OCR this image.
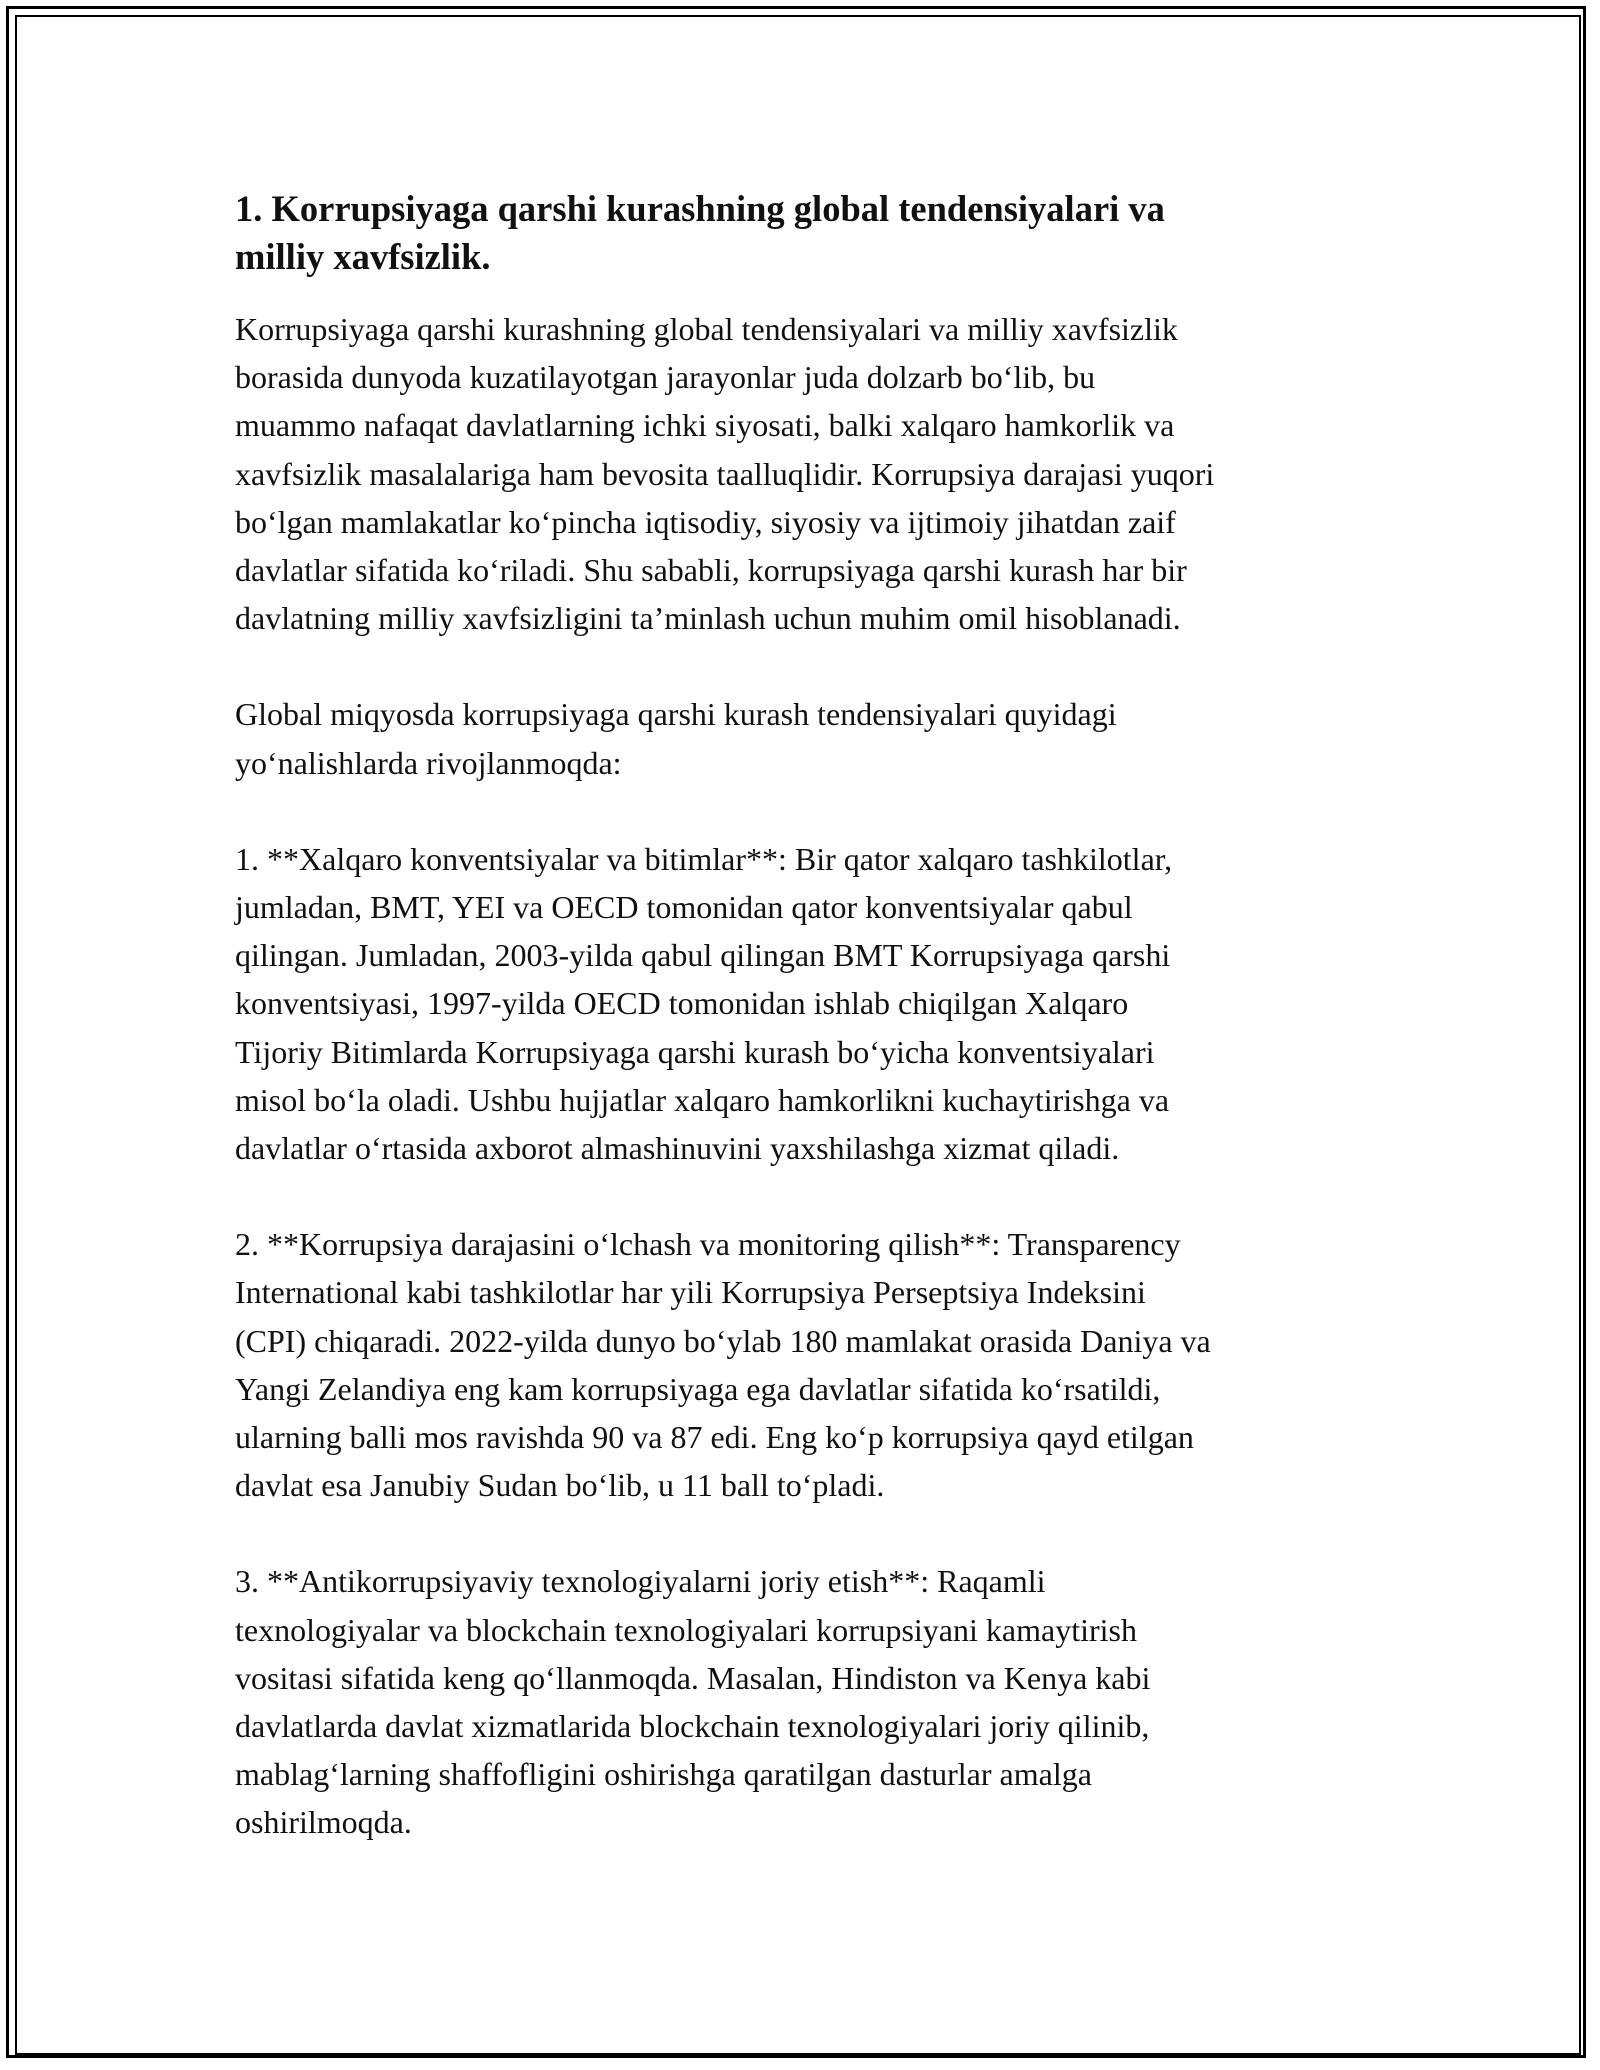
1. Korrupsiyaga qarshi kurashning global tendensiyalari va
milliy xavfsizlik.

Korrupsiyaga qarshi kurashning global tendensiyalari va milliy xavfsizlik
borasida dunyoda kuzatilayotgan jarayonlar juda dolzarb bo‘lib, bu
muammo nafaqat davlatlarning ichki siyosati, balki xalqaro hamkorlik va
xavfsizlik masalalariga ham bevosita taalluqlidir. Korrupsiya darajasi yuqori
bo‘lgan mamlakatlar ko‘pincha iqtisodiy, siyosiy va ijtimoiy jihatdan zaif
davlatlar sifatida ko‘riladi. Shu sababli, korrupsiyaga qarshi kurash har bir
davlatning milliy xavfsizligini ta’minlash uchun muhim omil hisoblanadi.

Global miqyosda korrupsiyaga qarshi kurash tendensiyalari quyidagi
yo‘nalishlarda rivojlanmoqda:

1. **Xalqaro konventsiyalar va bitimlar**: Bir qator xalqaro tashkilotlar,
jumladan, BMT, YEI va OECD tomonidan qator konventsiyalar qabul
qilingan. Jumladan, 2003-yilda qabul qilingan BMT Korrupsiyaga qarshi
konventsiyasi, 1997-yilda OECD tomonidan ishlab chiqilgan Xalqaro
Tijoriy Bitimlarda Korrupsiyaga qarshi kurash bo‘yicha konventsiyalari
misol bo‘la oladi. Ushbu hujjatlar xalqaro hamkorlikni kuchaytirishga va
davlatlar o‘rtasida axborot almashinuvini yaxshilashga xizmat qiladi.

2. **Korrupsiya darajasini o‘lchash va monitoring qilish**: Transparency
International kabi tashkilotlar har yili Korrupsiya Perseptsiya Indeksini
(CPI) chiqaradi. 2022-yilda dunyo bo‘ylab 180 mamlakat orasida Daniya va
Yangi Zelandiya eng kam korrupsiyaga ega davlatlar sifatida ko‘rsatildi,
ularning balli mos ravishda 90 va 87 edi. Eng ko‘p korrupsiya qayd etilgan
davlat esa Janubiy Sudan bo‘lib, u 11 ball to‘pladi.

3. **Antikorrupsiyaviy texnologiyalarni joriy etish**: Raqamli
texnologiyalar va blockchain texnologiyalari korrupsiyani kamaytirish
vositasi sifatida keng qo‘llanmoqda. Masalan, Hindiston va Kenya kabi
davlatlarda davlat xizmatlarida blockchain texnologiyalari joriy qilinib,
mablag‘larning shaffofligini oshirishga qaratilgan dasturlar amalga
oshirilmoqda.
